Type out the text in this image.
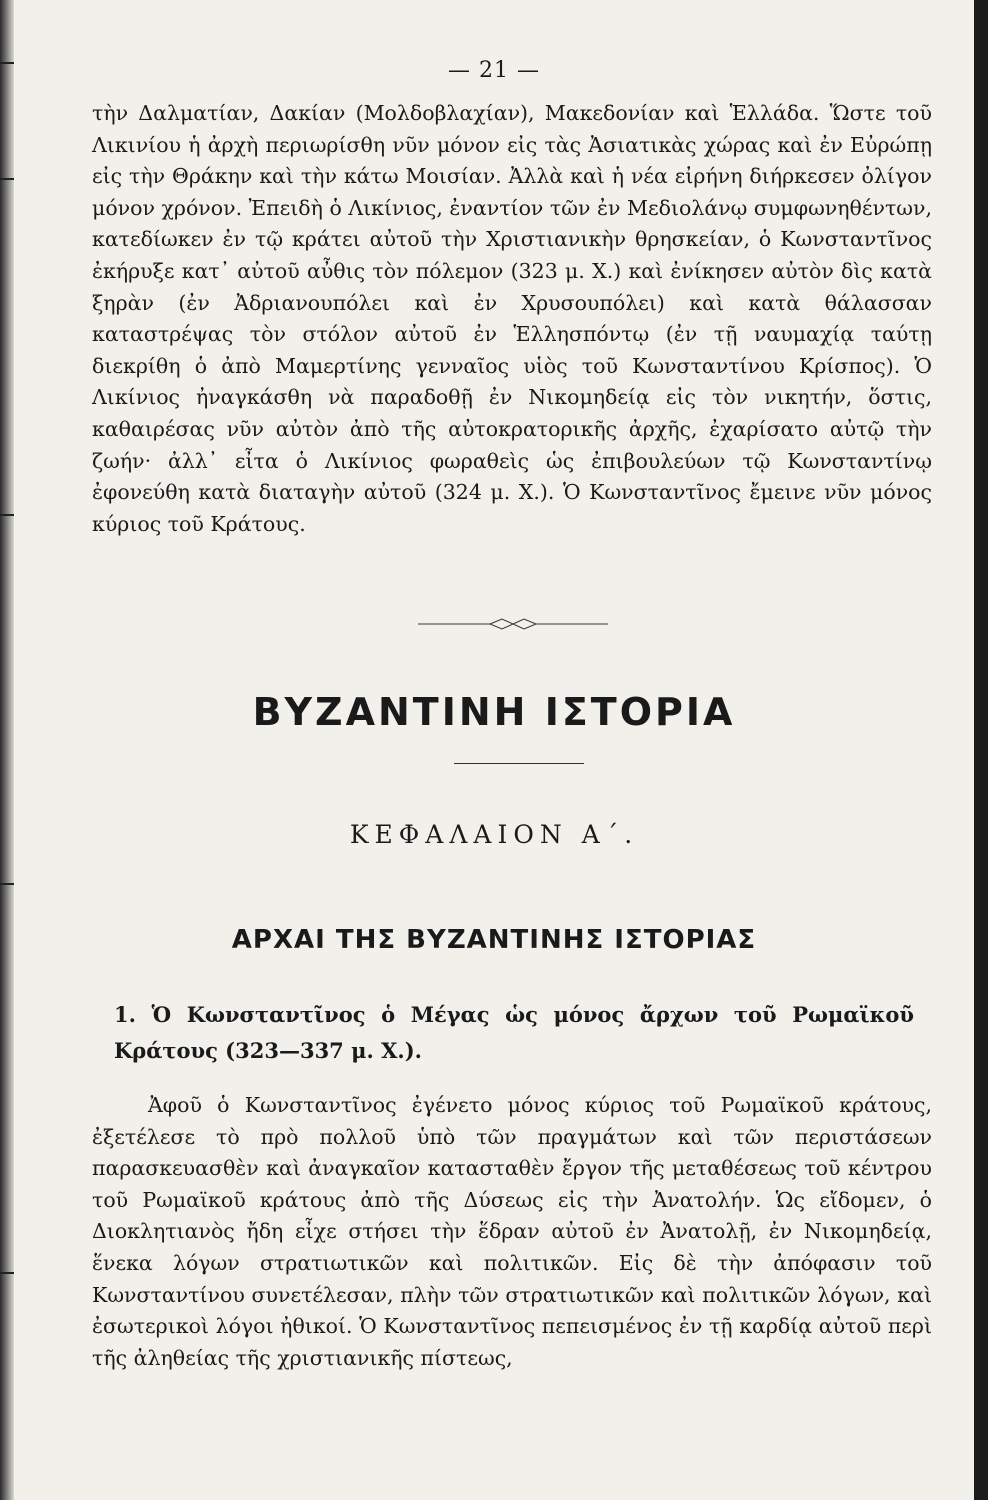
— 21 —

τὴν Δαλματίαν, Δακίαν (Μολδοβλαχίαν), Μακεδονίαν καὶ Ἑλλάδα. Ὥστε τοῦ Λικινίου ἡ ἀρχὴ περιωρίσθη νῦν μόνον εἰς τὰς Ἀσιατικὰς χώρας καὶ ἐν Εὐρώπῃ εἰς τὴν Θράκην καὶ τὴν κάτω Μοισίαν. Ἀλλὰ καὶ ἡ νέα εἰρήνη διήρκεσεν ὀλίγον μόνον χρόνον. Ἐπειδὴ ὁ Λικίνιος, ἐναντίον τῶν ἐν Μεδιολάνῳ συμφωνηθέντων, κατεδίωκεν ἐν τῷ κράτει αὐτοῦ τὴν Χριστιανικὴν θρησκείαν, ὁ Κωνσταντῖνος ἐκήρυξε κατ᾽ αὐτοῦ αὖθις τὸν πόλεμον (323 μ. Χ.) καὶ ἐνίκησεν αὐτὸν δὶς κατὰ ξηρὰν (ἐν Ἀδριανουπόλει καὶ ἐν Χρυσουπόλει) καὶ κατὰ θάλασσαν καταστρέψας τὸν στόλον αὐτοῦ ἐν Ἑλλησπόντῳ (ἐν τῇ ναυμαχίᾳ ταύτῃ διεκρίθη ὁ ἀπὸ Μαμερτίνης γενναῖος υἱὸς τοῦ Κωνσταντίνου Κρίσπος). Ὁ Λικίνιος ἠναγκάσθη νὰ παραδοθῇ ἐν Νικομηδείᾳ εἰς τὸν νικητήν, ὅστις, καθαιρέσας νῦν αὐτὸν ἀπὸ τῆς αὐτοκρατορικῆς ἀρχῆς, ἐχαρίσατο αὐτῷ τὴν ζωήν· ἀλλ᾽ εἶτα ὁ Λικίνιος φωραθεὶς ὡς ἐπιβουλεύων τῷ Κωνσταντίνῳ ἐφονεύθη κατὰ διαταγὴν αὐτοῦ (324 μ. Χ.). Ὁ Κωνσταντῖνος ἔμεινε νῦν μόνος κύριος τοῦ Κράτους.

ΒΥΖΑΝΤΙΝΗ ΙΣΤΟΡΙΑ
ΚΕΦΑΛΑΙΟΝ Α΄.
ΑΡΧΑΙ ΤΗΣ ΒΥΖΑΝΤΙΝΗΣ ΙΣΤΟΡΙΑΣ
1. Ὁ Κωνσταντῖνος ὁ Μέγας ὡς μόνος ἄρχων τοῦ Ρωμαϊκοῦ Κράτους (323—337 μ. Χ.).

Ἀφοῦ ὁ Κωνσταντῖνος ἐγένετο μόνος κύριος τοῦ Ρωμαϊκοῦ κράτους, ἐξετέλεσε τὸ πρὸ πολλοῦ ὑπὸ τῶν πραγμάτων καὶ τῶν περιστάσεων παρασκευασθὲν καὶ ἀναγκαῖον κατασταθὲν ἔργον τῆς μεταθέσεως τοῦ κέντρου τοῦ Ρωμαϊκοῦ κράτους ἀπὸ τῆς Δύσεως εἰς τὴν Ἀνατολήν. Ὡς εἴδομεν, ὁ Διοκλητιανὸς ἤδη εἶχε στήσει τὴν ἕδραν αὐτοῦ ἐν Ἀνατολῇ, ἐν Νικομηδείᾳ, ἕνεκα λόγων στρατιωτικῶν καὶ πολιτικῶν. Εἰς δὲ τὴν ἀπόφασιν τοῦ Κωνσταντίνου συνετέλεσαν, πλὴν τῶν στρατιωτικῶν καὶ πολιτικῶν λόγων, καὶ ἐσωτερικοὶ λόγοι ἠθικοί. Ὁ Κωνσταντῖνος πεπεισμένος ἐν τῇ καρδίᾳ αὐτοῦ περὶ τῆς ἀληθείας τῆς χριστιανικῆς πίστεως,
